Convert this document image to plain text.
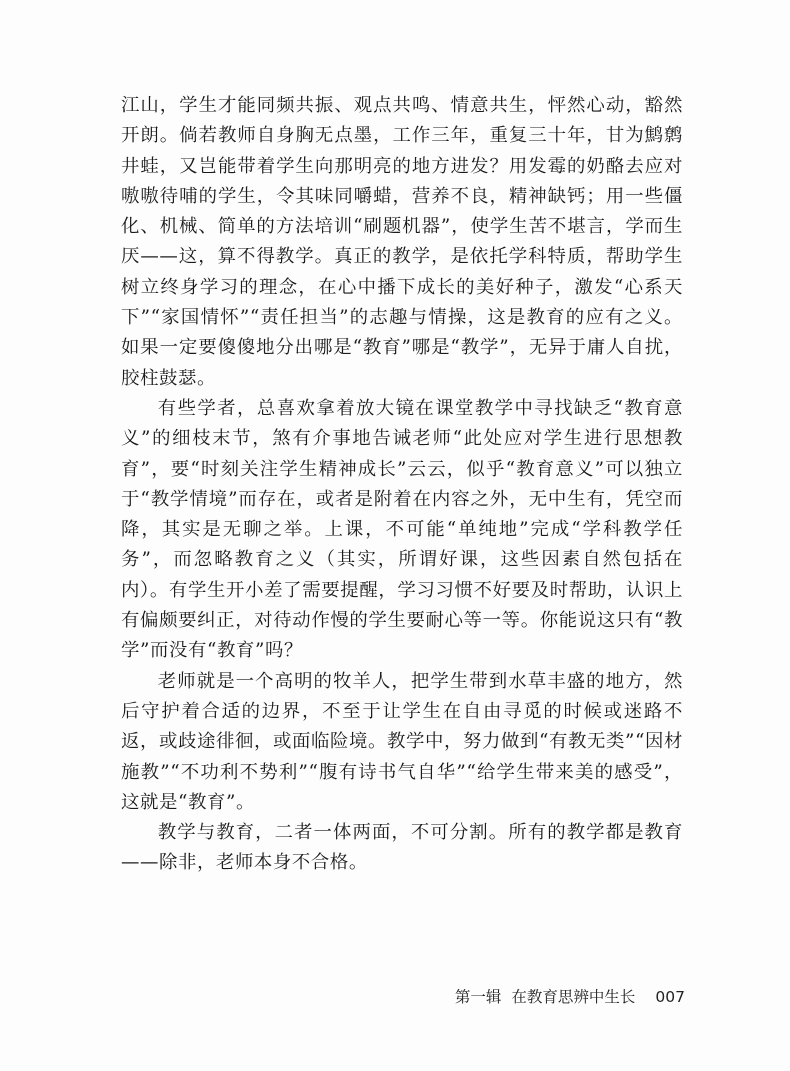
江山，学生才能同频共振、观点共鸣、情意共生，怦然心动，豁然开朗。倘若教师自身胸无点墨，工作三年，重复三十年，甘为鹪鹩井蛙，又岂能带着学生向那明亮的地方进发？用发霉的奶酪去应对嗷嗷待哺的学生，令其味同嚼蜡，营养不良，精神缺钙；用一些僵化、机械、简单的方法培训“刷题机器”，使学生苦不堪言，学而生厌——这，算不得教学。真正的教学，是依托学科特质，帮助学生树立终身学习的理念，在心中播下成长的美好种子，激发“心系天下”“家国情怀”“责任担当”的志趣与情操，这是教育的应有之义。如果一定要傻傻地分出哪是“教育”哪是“教学”，无异于庸人自扰，胶柱鼓瑟。

有些学者，总喜欢拿着放大镜在课堂教学中寻找缺乏“教育意义”的细枝末节，煞有介事地告诫老师“此处应对学生进行思想教育”，要“时刻关注学生精神成长”云云，似乎“教育意义”可以独立于“教学情境”而存在，或者是附着在内容之外，无中生有，凭空而降，其实是无聊之举。上课，不可能“单纯地”完成“学科教学任务”，而忽略教育之义（其实，所谓好课，这些因素自然包括在内）。有学生开小差了需要提醒，学习习惯不好要及时帮助，认识上有偏颇要纠正，对待动作慢的学生要耐心等一等。你能说这只有“教学”而没有“教育”吗？

老师就是一个高明的牧羊人，把学生带到水草丰盛的地方，然后守护着合适的边界，不至于让学生在自由寻觅的时候或迷路不返，或歧途徘徊，或面临险境。教学中，努力做到“有教无类”“因材施教”“不功利不势利”“腹有诗书气自华”“给学生带来美的感受”，这就是“教育”。

教学与教育，二者一体两面，不可分割。所有的教学都是教育——除非，老师本身不合格。

第一辑 在教育思辨中生长 007
